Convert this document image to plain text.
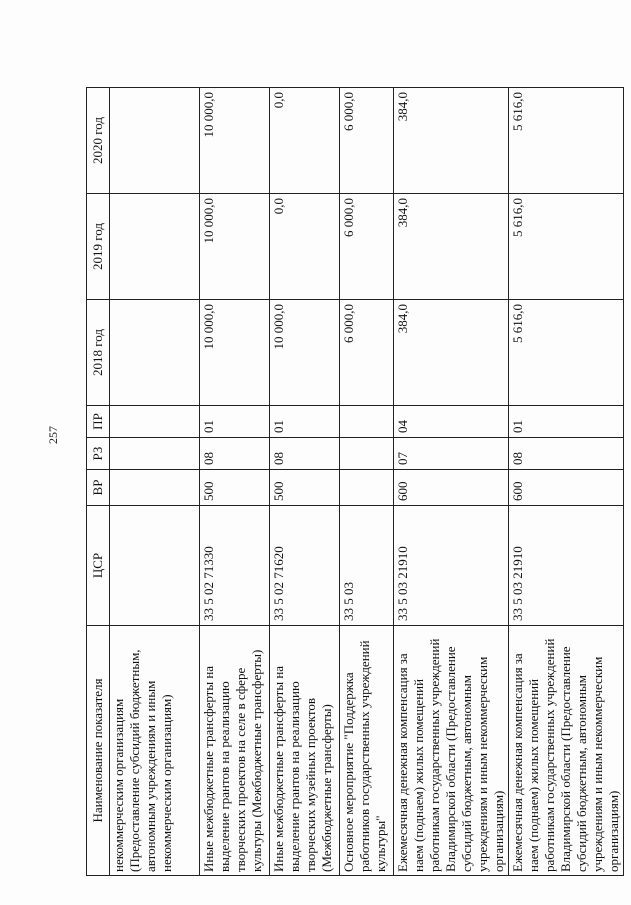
257
Наименование показателя	ЦСР	ВР	РЗ	ПР	2018 год	2019 год	2020 год
некоммерческим организациям (Предоставление субсидий бюджетным, автономным учреждениям и иным некоммерческим организациям)							
Иные межбюджетные трансферты на выделение грантов на реализацию творческих проектов на селе в сфере культуры (Межбюджетные трансферты)	33 5 02 71330	500	08	01	10 000,0	10 000,0	10 000,0
Иные межбюджетные трансферты на выделение грантов на реализацию творческих музейных проектов (Межбюджетные трансферты)	33 5 02 71620	500	08	01	10 000,0	0,0	0,0
Основное мероприятие "Поддержка работников государственных учреждений культуры"	33 5 03				6 000,0	6 000,0	6 000,0
Ежемесячная денежная компенсация за наем (поднаем) жилых помещений работникам государственных учреждений Владимирской области (Предоставление субсидий бюджетным, автономным учреждениям и иным некоммерческим организациям)	33 5 03 21910	600	07	04	384,0	384,0	384,0
Ежемесячная денежная компенсация за наем (поднаем) жилых помещений работникам государственных учреждений Владимирской области (Предоставление субсидий бюджетным, автономным учреждениям и иным некоммерческим организациям)	33 5 03 21910	600	08	01	5 616,0	5 616,0	5 616,0
